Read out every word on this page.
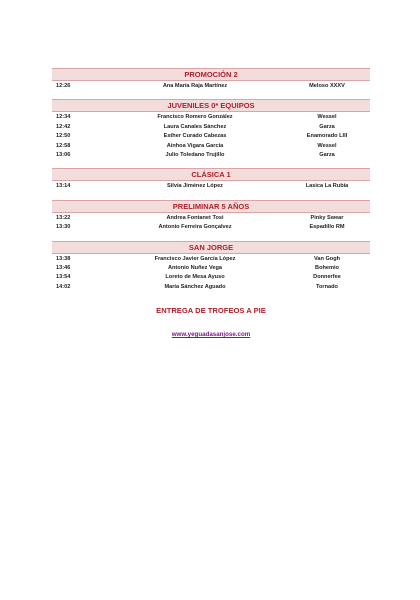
PROMOCIÓN 2
12:26	Ana María Raja Martínez	Meloso XXXV
JUVENILES 0* EQUIPOS
12:34	Francisco Romero González	Wessel
12:42	Laura Canales Sánchez	Garza
12:50	Esther Curado Cabezas	Enamorado LIII
12:58	Ainhoa Vigara García	Wessel
13:06	Julio Toledano Trujillo	Garza
CLÁSICA 1
13:14	Silvia Jiménez López	Lasica La Rubia
PRELIMINAR 5 AÑOS
13:22	Andrea Fontanet Tosi	Pinky Swear
13:30	Antonio Ferreira Gonçalvez	Espadillo RM
SAN JORGE
13:38	Francisco Javier García López	Van Gogh
13:46	Antonio Nuñez Vega	Bohemio
13:54	Loreto de Mesa Ayuso	Donnerfee
14:02	María Sánchez Aguado	Tornado
ENTREGA DE TROFEOS A PIE
www.yeguadasanjose.com
